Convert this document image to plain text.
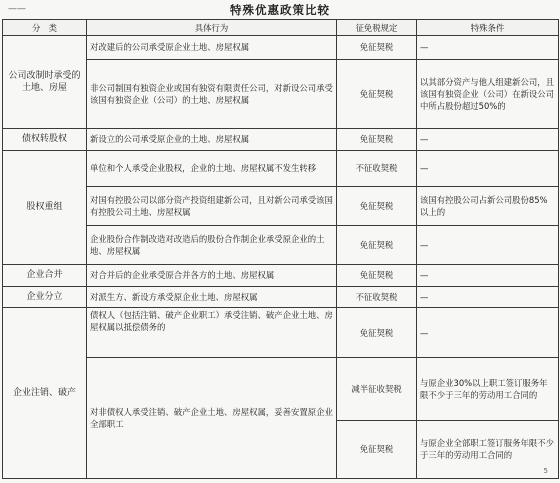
——	特殊优惠政策比较
分　类	具体行为	征免税规定	特殊条件
公司改制时承受的土地、房屋	对改建后的公司承受原企业土地、房屋权属	免征契税	—
	非公司制国有独资企业或国有独资有限责任公司，对新设公司承受该国有独资企业（公司）的土地、房屋权属	免征契税	以其部分资产与他人组建新公司，且该国有独资企业（公司）在新设公司中所占股份超过50%的
债权转股权	新设立的公司承受原企业的土地、房屋权属	免征契税	—
股权重组	单位和个人承受企业股权，企业的土地、房屋权属不发生转移	不征收契税	—
	对国有控股公司以部分资产投资组建新公司，且对新公司承受该国有控股公司土地、房屋权属	免征契税	该国有控股公司占新公司股份85%以上的
	企业股份合作制改造对改造后的股份合作制企业承受原企业的土地、房屋权属	免征契税	—
企业合并	对合并后的企业承受原合并各方的土地、房屋权属	免征契税	—
企业分立	对派生方、新设方承受原企业土地、房屋权属	不征收契税	—
企业注销、破产	债权人（包括注销、破产企业职工）承受注销、破产企业土地、房屋权属以抵偿债务的	免征契税	—
	对非债权人承受注销、破产企业土地、房屋权属，妥善安置原企业全部职工	减半征收契税	与原企业30%以上职工签订服务年限不少于三年的劳动用工合同的
		免征契税	与原企业全部职工签订服务年限不少于三年的劳动用工合同的
5
